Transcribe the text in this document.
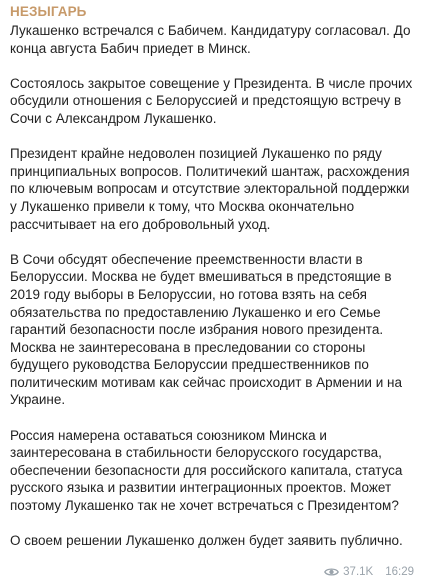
НЕЗЫГАРЬ

Лукашенко встречался с Бабичем. Кандидатуру согласовал. До конца августа Бабич приедет в Минск.

Состоялось закрытое совещение у Президента. В числе прочих обсудили отношения с Белоруссией и предстоящую встречу в Сочи с Александром Лукашенко.

Президент крайне недоволен позицией Лукашенко по ряду принципиальных вопросов. Политичекий шантаж, расхождения по ключевым вопросам и отсутствие электоральной поддержки у Лукашенко привели к тому, что Москва окончательно рассчитывает на его добровольный уход.

В Сочи обсудят обеспечение преемственности власти в Белоруссии. Москва не будет вмешиваться в предстоящие в 2019 году выборы в Белоруссии, но готова взять на себя обязательства по предоставлению Лукашенко и его Семье гарантий безопасности после избрания нового президента. Москва не заинтересована в преследовании со стороны будущего руководства Белоруссии предшественников по политическим мотивам как сейчас происходит в Армении и на Украине.

Россия намерена оставаться союзником Минска и заинтересована в стабильности белорусского государства, обеспечении безопасности для российского капитала, статуса русского языка и развитии интеграционных проектов. Может поэтому Лукашенко так не хочет встречаться с Президентом?

О своем решении Лукашенко должен будет заявить публично.

37.1K 16:29
